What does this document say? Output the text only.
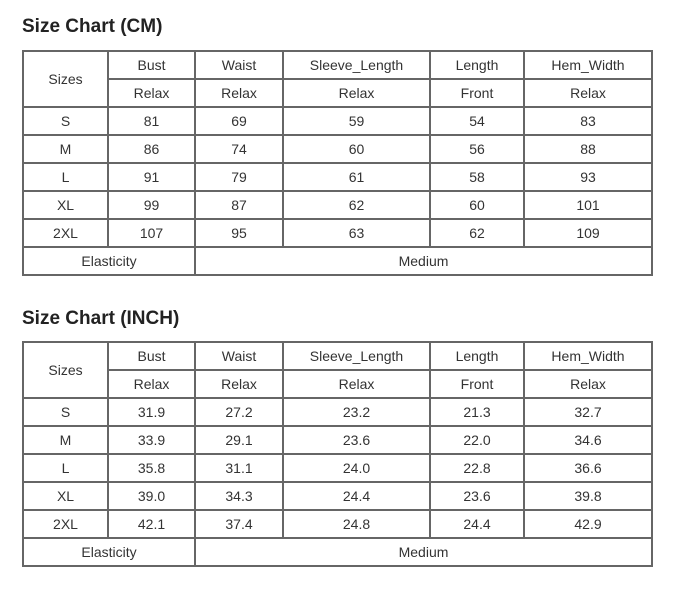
Size Chart (CM)
Sizes	Bust	Waist	Sleeve_Length	Length	Hem_Width
	Relax	Relax	Relax	Front	Relax
S	81	69	59	54	83
M	86	74	60	56	88
L	91	79	61	58	93
XL	99	87	62	60	101
2XL	107	95	63	62	109
Elasticity		Medium			
Size Chart (INCH)
Sizes	Bust	Waist	Sleeve_Length	Length	Hem_Width
	Relax	Relax	Relax	Front	Relax
S	31.9	27.2	23.2	21.3	32.7
M	33.9	29.1	23.6	22.0	34.6
L	35.8	31.1	24.0	22.8	36.6
XL	39.0	34.3	24.4	23.6	39.8
2XL	42.1	37.4	24.8	24.4	42.9
Elasticity		Medium			
